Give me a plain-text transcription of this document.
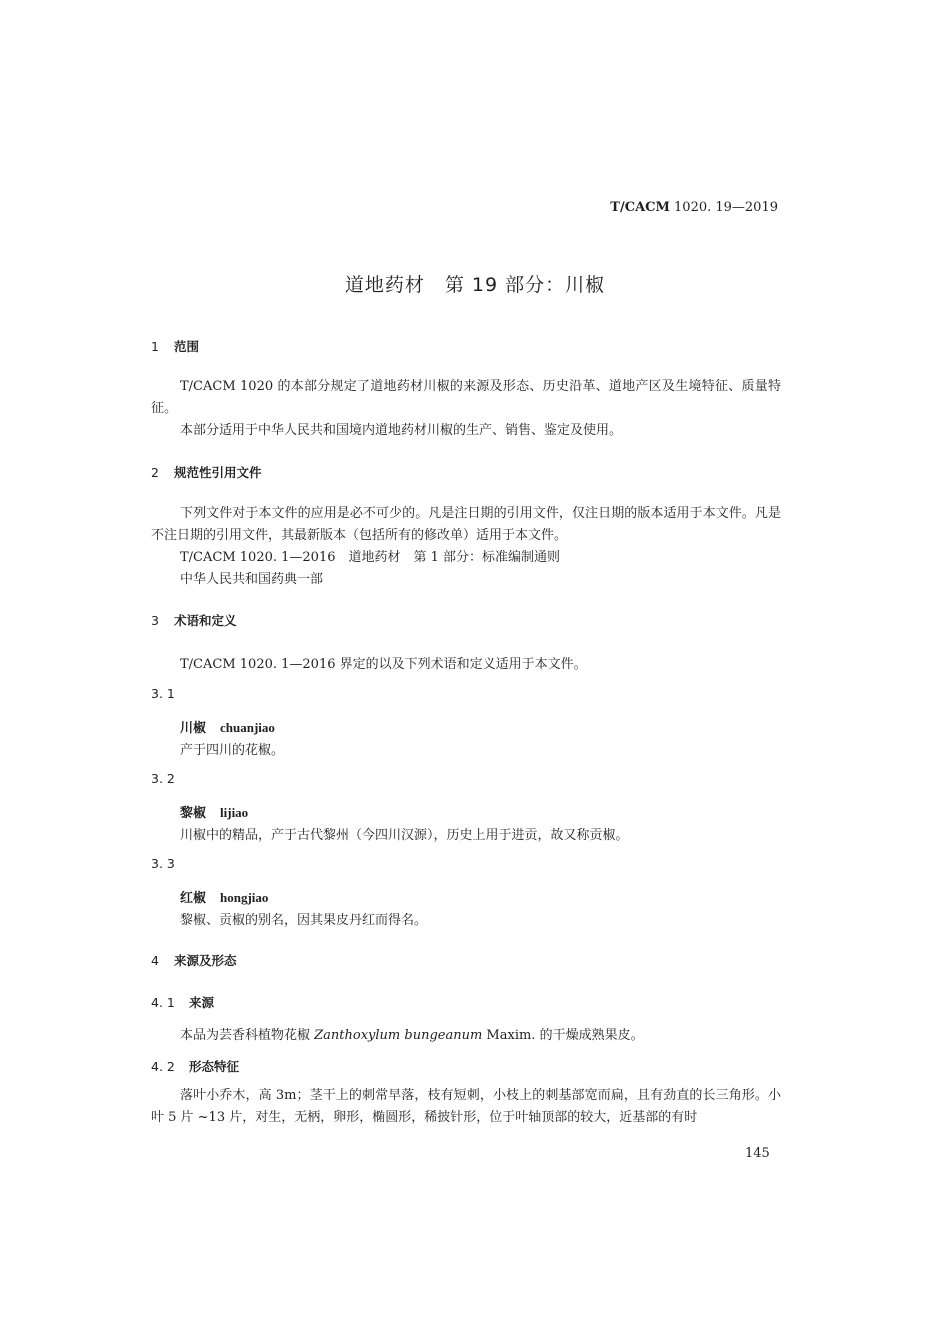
T/CACM 1020. 19—2019
道地药材　第 19 部分：川椒
1 范围
T/CACM 1020 的本部分规定了道地药材川椒的来源及形态、历史沿革、道地产区及生境特征、质量特征。
本部分适用于中华人民共和国境内道地药材川椒的生产、销售、鉴定及使用。
2 规范性引用文件
下列文件对于本文件的应用是必不可少的。凡是注日期的引用文件，仅注日期的版本适用于本文件。凡是不注日期的引用文件，其最新版本（包括所有的修改单）适用于本文件。
T/CACM 1020. 1—2016　道地药材　第 1 部分：标准编制通则
中华人民共和国药典一部
3 术语和定义
T/CACM 1020. 1—2016 界定的以及下列术语和定义适用于本文件。
3. 1
川椒 chuanjiao
产于四川的花椒。
3. 2
黎椒 lijiao
川椒中的精品，产于古代黎州（今四川汉源），历史上用于进贡，故又称贡椒。
3. 3
红椒 hongjiao
黎椒、贡椒的别名，因其果皮丹红而得名。
4 来源及形态
4. 1 来源
本品为芸香科植物花椒 Zanthoxylum bungeanum Maxim. 的干燥成熟果皮。
4. 2 形态特征
落叶小乔木，高 3m；茎干上的刺常早落，枝有短刺，小枝上的刺基部宽而扁，且有劲直的长三角形。小叶 5 片 ~13 片，对生，无柄，卵形，椭圆形，稀披针形，位于叶轴顶部的较大，近基部的有时
145
